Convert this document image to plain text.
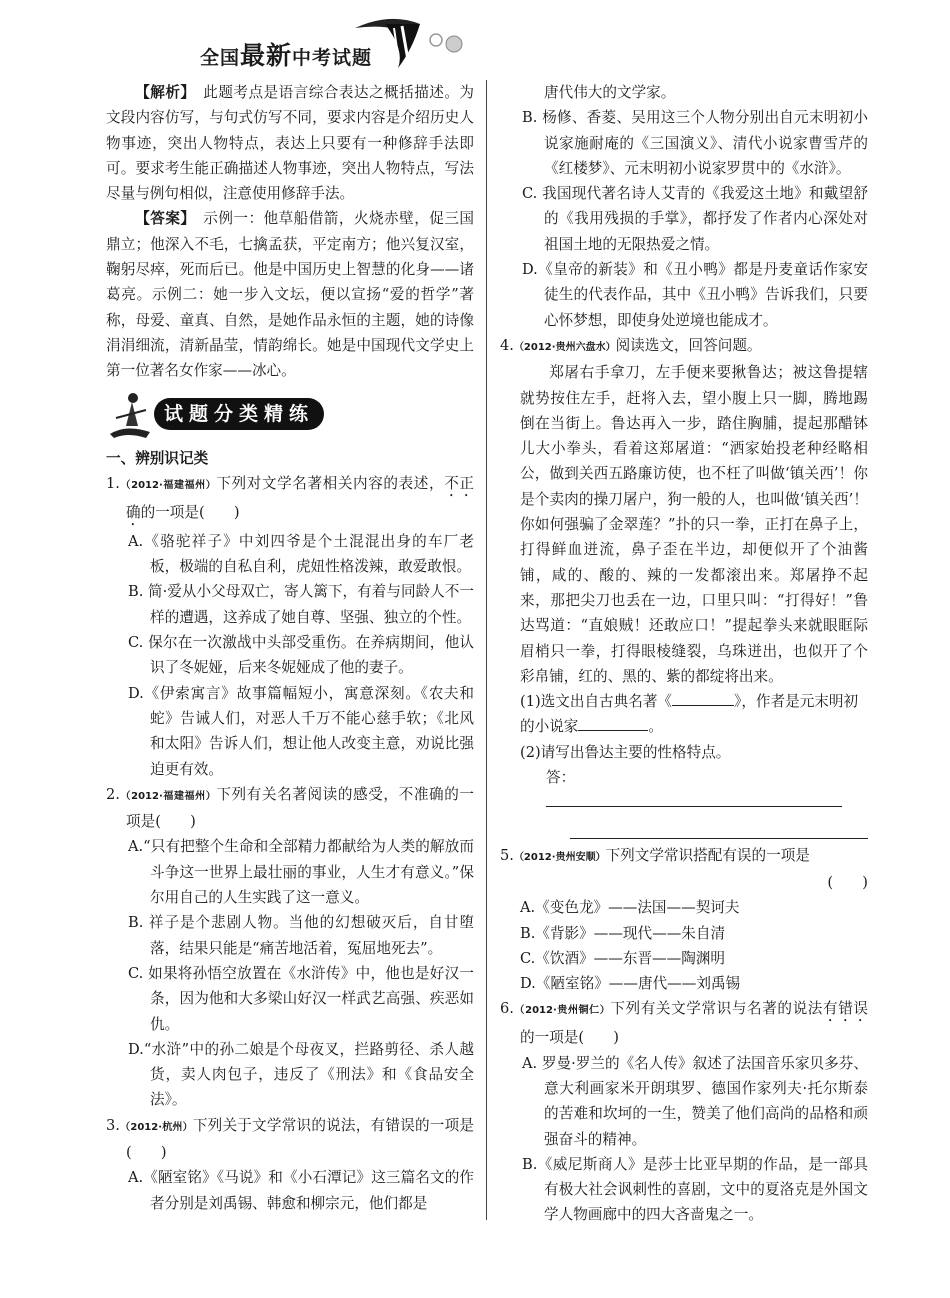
全国最新中考试题

【解析】　 此题考点是语言综合表达之概括描述。为文段内容仿写，与句式仿写不同，要求内容是介绍历史人物事迹，突出人物特点，表达上只要有一种修辞手法即可。要求考生能正确描述人物事迹，突出人物特点，写法尽量与例句相似，注意使用修辞手法。

【答案】　 示例一：他草船借箭，火烧赤壁，促三国鼎立；他深入不毛，七擒孟获，平定南方；他兴复汉室，鞠躬尽瘁，死而后已。他是中国历史上智慧的化身——诸葛亮。示例二：她一步入文坛，便以宣扬“爱的哲学”著称，母爱、童真、自然，是她作品永恒的主题，她的诗像涓涓细流，清新晶莹，情韵绵长。她是中国现代文学史上第一位著名女作家——冰心。

试题分类精练

一、辨别识记类

1.（2012·福建福州）下列对文学名著相关内容的表述，不正确的一项是(　　)

A.《骆驼祥子》中刘四爷是个土混混出身的车厂老板，极端的自私自利，虎妞性格泼辣，敢爱敢恨。

B. 简·爱从小父母双亡，寄人篱下，有着与同龄人不一样的遭遇，这养成了她自尊、坚强、独立的个性。

C. 保尔在一次激战中头部受重伤。在养病期间，他认识了冬妮娅，后来冬妮娅成了他的妻子。

D.《伊索寓言》故事篇幅短小，寓意深刻。《农夫和蛇》告诫人们，对恶人千万不能心慈手软；《北风和太阳》告诉人们，想让他人改变主意，劝说比强迫更有效。

2.（2012·福建福州）下列有关名著阅读的感受，不准确的一项是(　　)

A.“只有把整个生命和全部精力都献给为人类的解放而斗争这一世界上最壮丽的事业，人生才有意义。”保尔用自己的人生实践了这一意义。

B. 祥子是个悲剧人物。当他的幻想破灭后，自甘堕落，结果只能是“痛苦地活着，冤屈地死去”。

C. 如果将孙悟空放置在《水浒传》中，他也是好汉一条，因为他和大多梁山好汉一样武艺高强、疾恶如仇。

D.“水浒”中的孙二娘是个母夜叉，拦路剪径、杀人越货，卖人肉包子，违反了《刑法》和《食品安全法》。

3.（2012·杭州）下列关于文学常识的说法，有错误的一项是(　　)

A.《陋室铭》《马说》和《小石潭记》这三篇名文的作者分别是刘禹锡、韩愈和柳宗元，他们都是

唐代伟大的文学家。

B. 杨修、香菱、吴用这三个人物分别出自元末明初小说家施耐庵的《三国演义》、清代小说家曹雪芹的《红楼梦》、元末明初小说家罗贯中的《水浒》。

C. 我国现代著名诗人艾青的《我爱这土地》和戴望舒的《我用残损的手掌》，都抒发了作者内心深处对祖国土地的无限热爱之情。

D.《皇帝的新装》和《丑小鸭》都是丹麦童话作家安徒生的代表作品，其中《丑小鸭》告诉我们，只要心怀梦想，即使身处逆境也能成才。

4.（2012·贵州六盘水）阅读选文，回答问题。

郑屠右手拿刀，左手便来要揪鲁达；被这鲁提辖就势按住左手，赶将入去，望小腹上只一脚，腾地踢倒在当街上。鲁达再入一步，踏住胸脯，提起那醋钵儿大小拳头，看着这郑屠道：“洒家始投老种经略相公，做到关西五路廉访使，也不枉了叫做‘镇关西’！你是个卖肉的操刀屠户，狗一般的人，也叫做‘镇关西’！你如何强骗了金翠莲？”扑的只一拳，正打在鼻子上，打得鲜血迸流，鼻子歪在半边，却便似开了个油酱铺，咸的、酸的、辣的一发都滚出来。郑屠挣不起来，那把尖刀也丢在一边，口里只叫：“打得好！”鲁达骂道：“直娘贼！还敢应口！”提起拳头来就眼眶际眉梢只一拳，打得眼棱缝裂，乌珠迸出，也似开了个彩帛铺，红的、黑的、紫的都绽将出来。

(1)选文出自古典名著《	》，作者是元末明初的小说家	。

(2)请写出鲁达主要的性格特点。

答：

5.（2012·贵州安顺）下列文学常识搭配有误的一项是

(　　)

A.《变色龙》——法国——契诃夫

B.《背影》——现代——朱自清

C.《饮酒》——东晋——陶渊明

D.《陋室铭》——唐代——刘禹锡

6.（2012·贵州铜仁）下列有关文学常识与名著的说法有错误的一项是(　　)

A. 罗曼·罗兰的《名人传》叙述了法国音乐家贝多芬、意大利画家米开朗琪罗、德国作家列夫·托尔斯泰的苦难和坎坷的一生，赞美了他们高尚的品格和顽强奋斗的精神。

B.《威尼斯商人》是莎士比亚早期的作品，是一部具有极大社会讽刺性的喜剧，文中的夏洛克是外国文学人物画廊中的四大吝啬鬼之一。
